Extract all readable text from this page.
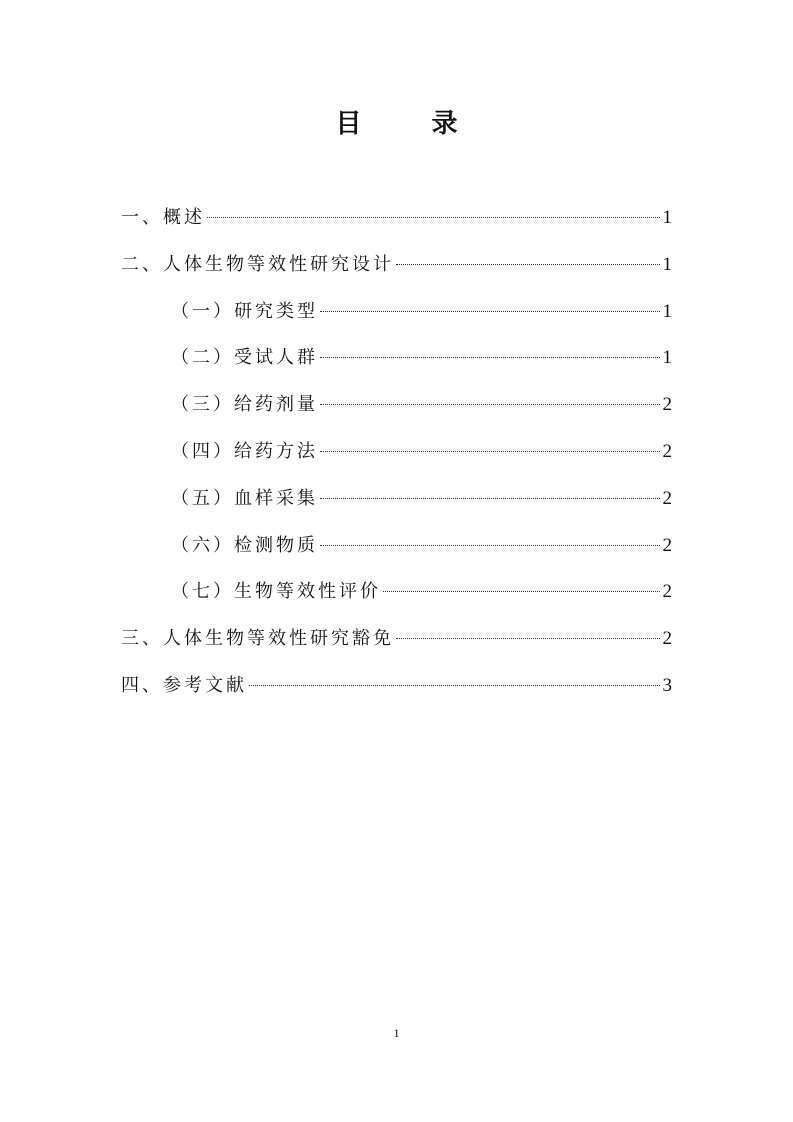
目　录
一、概述	1
二、人体生物等效性研究设计	1
（一）研究类型	1
（二）受试人群	1
（三）给药剂量	2
（四）给药方法	2
（五）血样采集	2
（六）检测物质	2
（七）生物等效性评价	2
三、人体生物等效性研究豁免	2
四、参考文献	3
1
